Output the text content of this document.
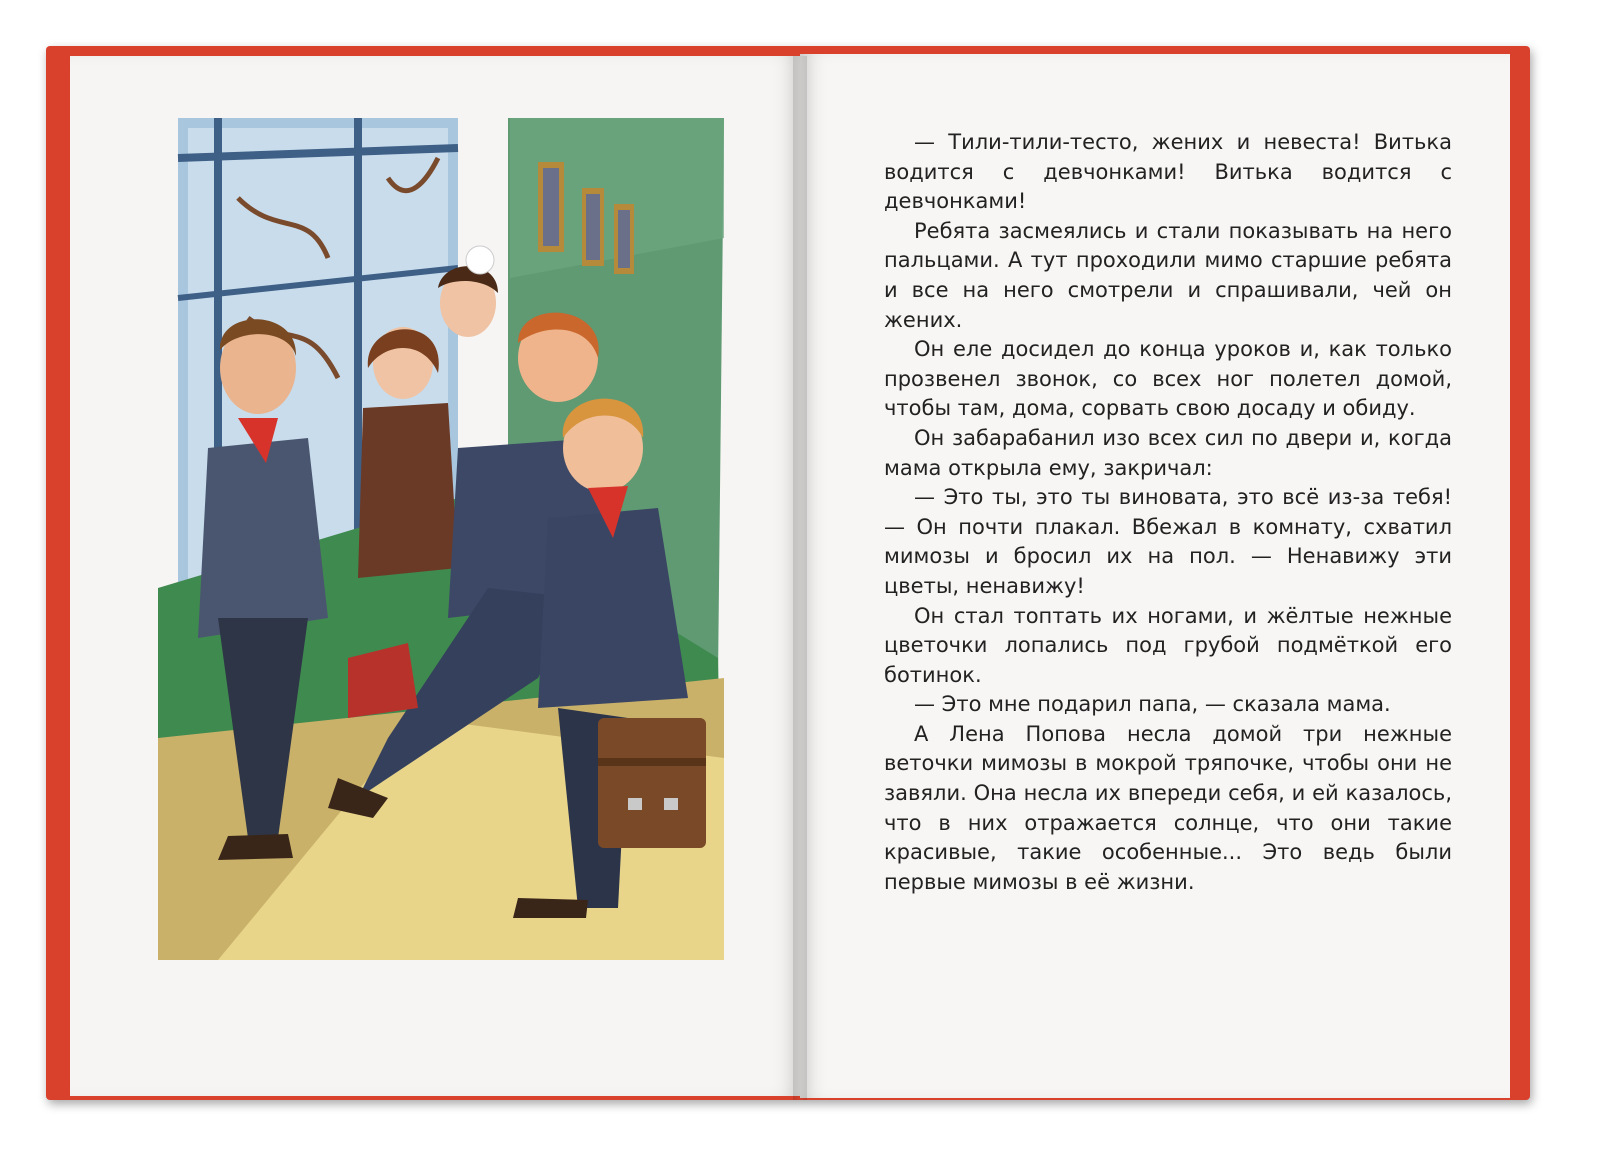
— Тили-тили-тесто, жених и невеста! Витька водится с девчонками! Витька водится с девчонками!

Ребята засмеялись и стали показывать на него пальцами. А тут проходили мимо старшие ребята и все на него смотрели и спрашивали, чей он жених.

Он еле досидел до конца уроков и, как только прозвенел звонок, со всех ног полетел домой, чтобы там, дома, сорвать свою досаду и обиду.

Он забарабанил изо всех сил по двери и, когда мама открыла ему, закричал:

— Это ты, это ты виновата, это всё из-за тебя! — Он почти плакал. Вбежал в комнату, схватил мимозы и бросил их на пол. — Ненавижу эти цветы, ненавижу!

Он стал топтать их ногами, и жёлтые нежные цветочки лопались под грубой подмёткой его ботинок.

— Это мне подарил папа, — сказала мама.

А Лена Попова несла домой три нежные веточки мимозы в мокрой тряпочке, чтобы они не завяли. Она несла их впереди себя, и ей казалось, что в них отражается солнце, что они такие красивые, такие особенные... Это ведь были первые мимозы в её жизни.
